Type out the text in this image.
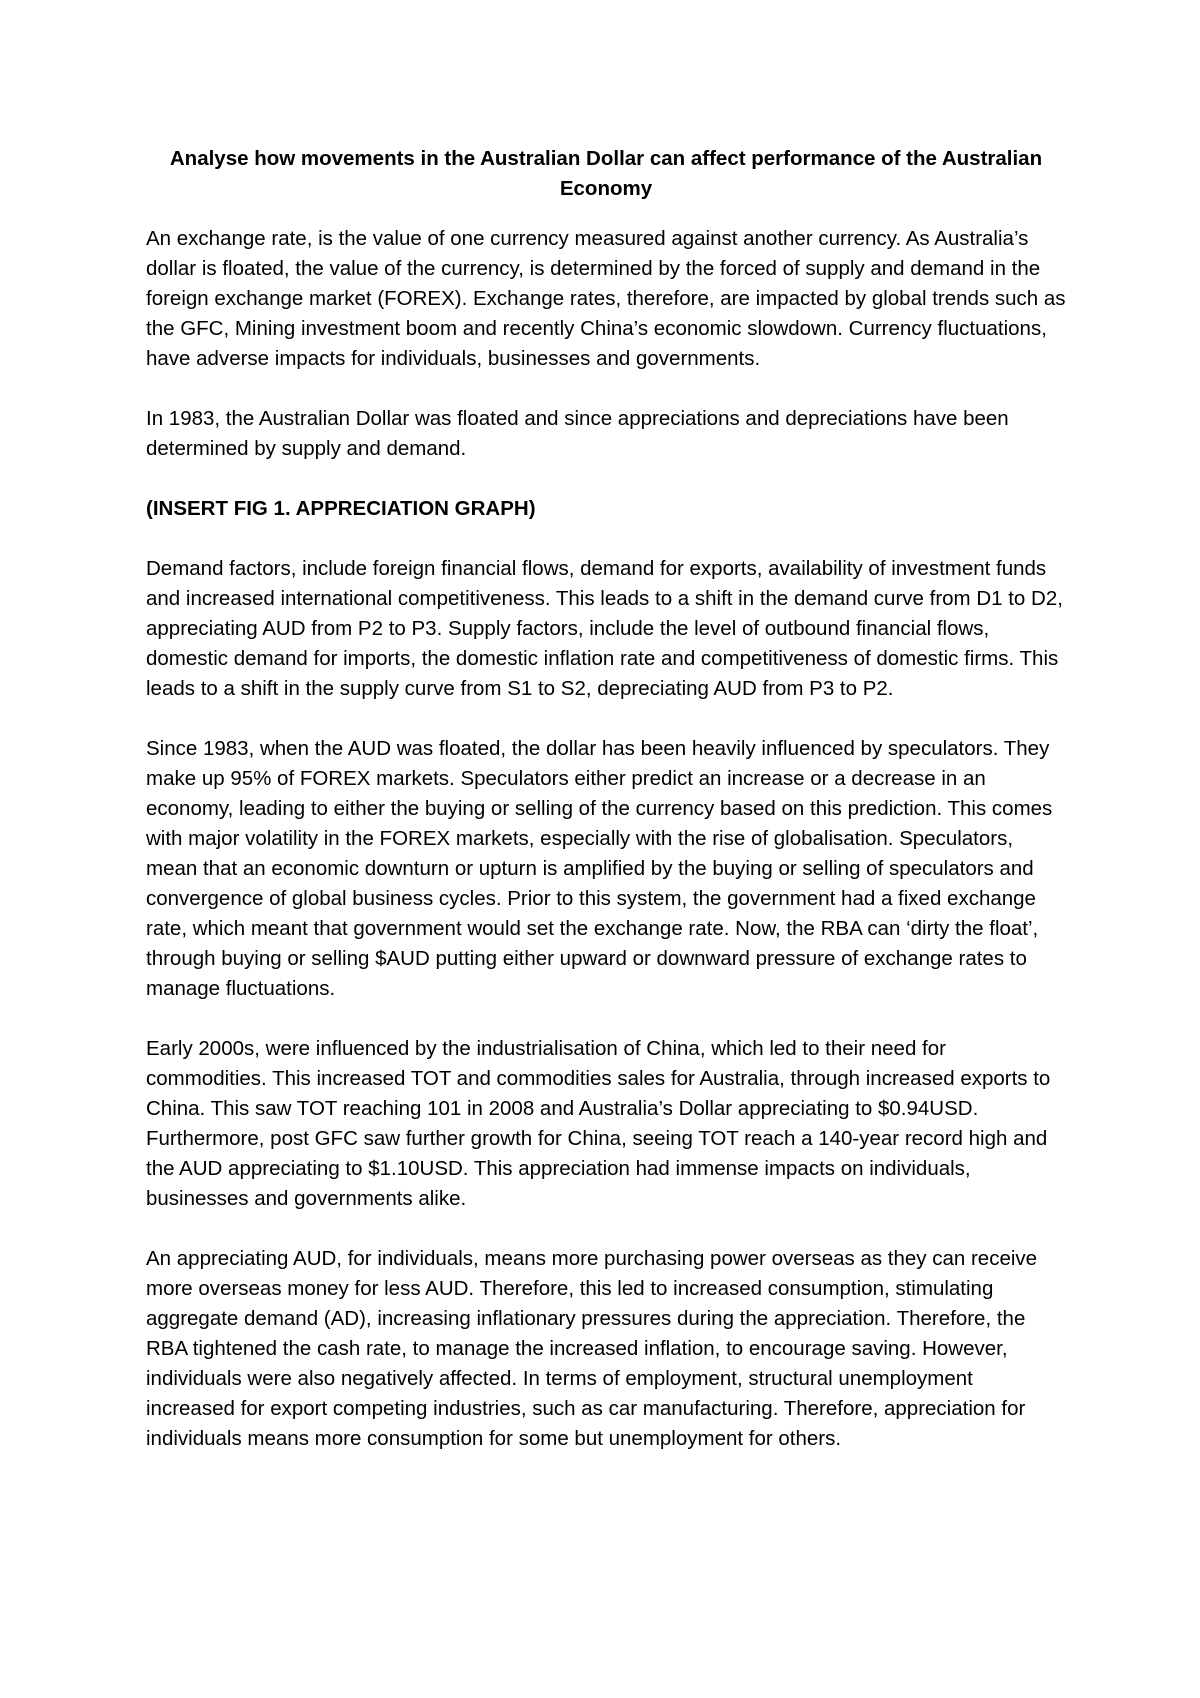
Analyse how movements in the Australian Dollar can affect performance of the Australian Economy

An exchange rate, is the value of one currency measured against another currency. As Australia’s dollar is floated, the value of the currency, is determined by the forced of supply and demand in the foreign exchange market (FOREX). Exchange rates, therefore, are impacted by global trends such as the GFC, Mining investment boom and recently China’s economic slowdown. Currency fluctuations, have adverse impacts for individuals, businesses and governments.

In 1983, the Australian Dollar was floated and since appreciations and depreciations have been determined by supply and demand.

(INSERT FIG 1. APPRECIATION GRAPH)

Demand factors, include foreign financial flows, demand for exports, availability of investment funds and increased international competitiveness. This leads to a shift in the demand curve from D1 to D2, appreciating AUD from P2 to P3. Supply factors, include the level of outbound financial flows, domestic demand for imports, the domestic inflation rate and competitiveness of domestic firms. This leads to a shift in the supply curve from S1 to S2, depreciating AUD from P3 to P2.

Since 1983, when the AUD was floated, the dollar has been heavily influenced by speculators. They make up 95% of FOREX markets. Speculators either predict an increase or a decrease in an economy, leading to either the buying or selling of the currency based on this prediction. This comes with major volatility in the FOREX markets, especially with the rise of globalisation. Speculators, mean that an economic downturn or upturn is amplified by the buying or selling of speculators and convergence of global business cycles. Prior to this system, the government had a fixed exchange rate, which meant that government would set the exchange rate. Now, the RBA can ‘dirty the float’, through buying or selling $AUD putting either upward or downward pressure of exchange rates to manage fluctuations.

Early 2000s, were influenced by the industrialisation of China, which led to their need for commodities. This increased TOT and commodities sales for Australia, through increased exports to China. This saw TOT reaching 101 in 2008 and Australia’s Dollar appreciating to $0.94USD. Furthermore, post GFC saw further growth for China, seeing TOT reach a 140-year record high and the AUD appreciating to $1.10USD. This appreciation had immense impacts on individuals, businesses and governments alike.

An appreciating AUD, for individuals, means more purchasing power overseas as they can receive more overseas money for less AUD. Therefore, this led to increased consumption, stimulating aggregate demand (AD), increasing inflationary pressures during the appreciation. Therefore, the RBA tightened the cash rate, to manage the increased inflation, to encourage saving. However, individuals were also negatively affected. In terms of employment, structural unemployment increased for export competing industries, such as car manufacturing. Therefore, appreciation for individuals means more consumption for some but unemployment for others.
